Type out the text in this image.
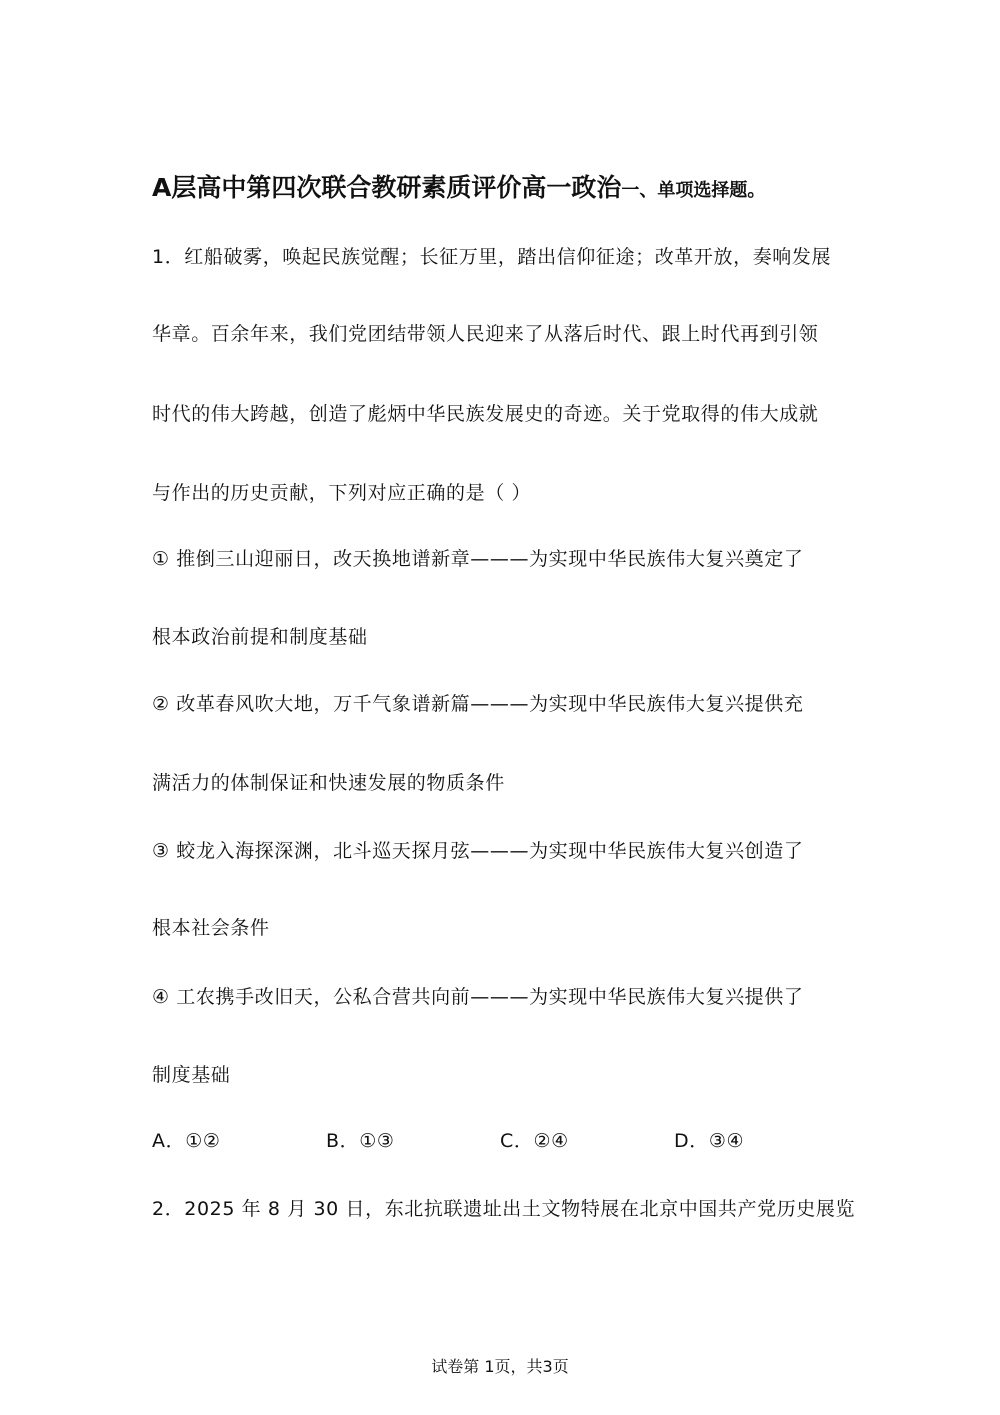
A层高中第四次联合教研素质评价高一政治一、单项选择题。
1．红船破雾，唤起民族觉醒；长征万里，踏出信仰征途；改革开放，奏响发展
华章。百余年来，我们党团结带领人民迎来了从落后时代、跟上时代再到引领
时代的伟大跨越，创造了彪炳中华民族发展史的奇迹。关于党取得的伟大成就
与作出的历史贡献，下列对应正确的是（ ）
① 推倒三山迎丽日，改天换地谱新章———为实现中华民族伟大复兴奠定了
根本政治前提和制度基础
② 改革春风吹大地，万千气象谱新篇———为实现中华民族伟大复兴提供充
满活力的体制保证和快速发展的物质条件
③ 蛟龙入海探深渊，北斗巡天探月弦———为实现中华民族伟大复兴创造了
根本社会条件
④ 工农携手改旧天，公私合营共向前———为实现中华民族伟大复兴提供了
制度基础
A．①②	B．①③	C．②④	D．③④
2．2025 年 8 月 30 日，东北抗联遗址出土文物特展在北京中国共产党历史展览
试卷第 1页，共3页
